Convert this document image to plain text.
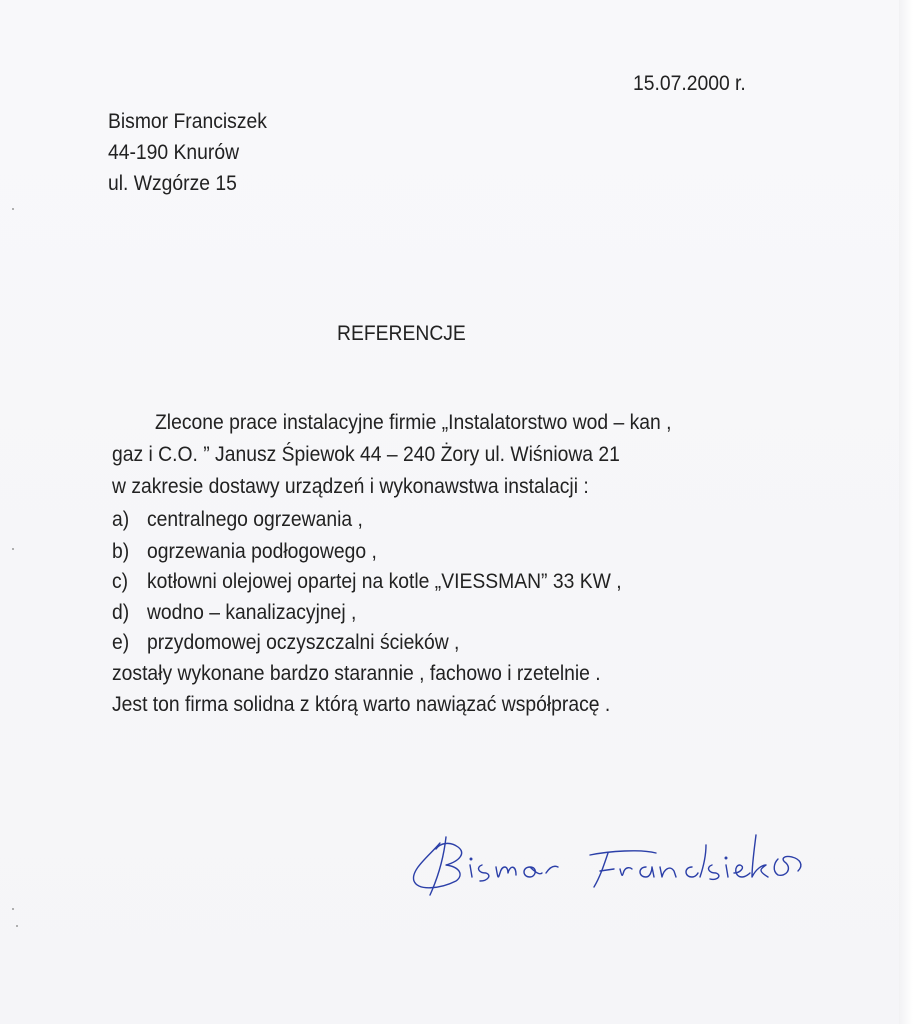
15.07.2000 r.
Bismor Franciszek
44-190 Knurów
ul. Wzgórze 15
REFERENCJE
Zlecone prace instalacyjne firmie „Instalatorstwo wod – kan ,
gaz i C.O. ” Janusz Śpiewok 44 – 240 Żory ul. Wiśniowa 21
w zakresie dostawy urządzeń i wykonawstwa instalacji :
a) centralnego ogrzewania ,
b) ogrzewania podłogowego ,
c) kotłowni olejowej opartej na kotle „VIESSMAN” 33 KW ,
d) wodno – kanalizacyjnej ,
e) przydomowej oczyszczalni ścieków ,
zostały wykonane bardzo starannie , fachowo i rzetelnie .
Jest ton firma solidna z którą warto nawiązać współpracę .
